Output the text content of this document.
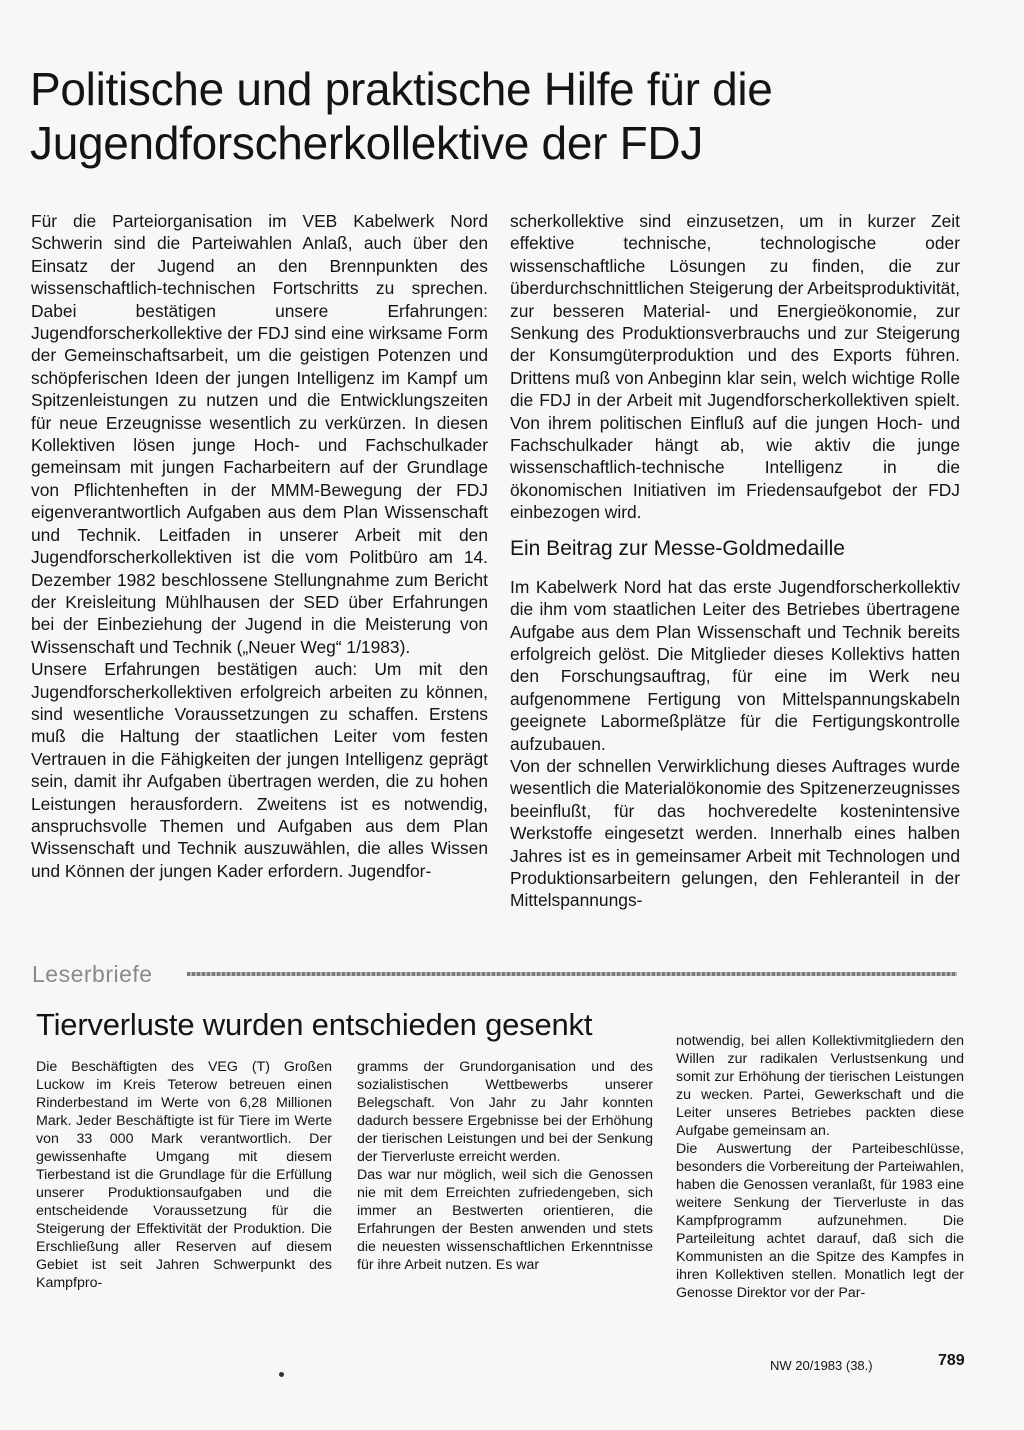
Politische und praktische Hilfe für die Jugendforscherkollektive der FDJ

Für die Parteiorganisation im VEB Kabelwerk Nord Schwerin sind die Parteiwahlen Anlaß, auch über den Einsatz der Jugend an den Brennpunkten des wissenschaftlich-technischen Fortschritts zu sprechen. Dabei bestätigen unsere Erfahrungen: Jugendforscherkollektive der FDJ sind eine wirksame Form der Gemeinschaftsarbeit, um die geistigen Potenzen und schöpferischen Ideen der jungen Intelligenz im Kampf um Spitzenleistungen zu nutzen und die Entwicklungszeiten für neue Erzeugnisse wesentlich zu verkürzen. In diesen Kollektiven lösen junge Hoch- und Fachschulkader gemeinsam mit jungen Facharbeitern auf der Grundlage von Pflichtenheften in der MMM-Bewegung der FDJ eigenverantwortlich Aufgaben aus dem Plan Wissenschaft und Technik. Leitfaden in unserer Arbeit mit den Jugendforscherkollektiven ist die vom Politbüro am 14. Dezember 1982 beschlossene Stellungnahme zum Bericht der Kreisleitung Mühlhausen der SED über Erfahrungen bei der Einbeziehung der Jugend in die Meisterung von Wissenschaft und Technik („Neuer Weg“ 1/1983).

Unsere Erfahrungen bestätigen auch: Um mit den Jugendforscherkollektiven erfolgreich arbeiten zu können, sind wesentliche Voraussetzungen zu schaffen. Erstens muß die Haltung der staatlichen Leiter vom festen Vertrauen in die Fähigkeiten der jungen Intelligenz geprägt sein, damit ihr Aufgaben übertragen werden, die zu hohen Leistungen herausfordern. Zweitens ist es notwendig, anspruchsvolle Themen und Aufgaben aus dem Plan Wissenschaft und Technik auszuwählen, die alles Wissen und Können der jungen Kader erfordern. Jugendfor-

scherkollektive sind einzusetzen, um in kurzer Zeit effektive technische, technologische oder wissenschaftliche Lösungen zu finden, die zur überdurchschnittlichen Steigerung der Arbeitsproduktivität, zur besseren Material- und Energieökonomie, zur Senkung des Produktionsverbrauchs und zur Steigerung der Konsumgüterproduktion und des Exports führen. Drittens muß von Anbeginn klar sein, welch wichtige Rolle die FDJ in der Arbeit mit Jugendforscherkollektiven spielt. Von ihrem politischen Einfluß auf die jungen Hoch- und Fachschulkader hängt ab, wie aktiv die junge wissenschaftlich-technische Intelligenz in die ökonomischen Initiativen im Friedensaufgebot der FDJ einbezogen wird.

Ein Beitrag zur Messe-Goldmedaille

Im Kabelwerk Nord hat das erste Jugendforscherkollektiv die ihm vom staatlichen Leiter des Betriebes übertragene Aufgabe aus dem Plan Wissenschaft und Technik bereits erfolgreich gelöst. Die Mitglieder dieses Kollektivs hatten den Forschungsauftrag, für eine im Werk neu aufgenommene Fertigung von Mittelspannungskabeln geeignete Labormeßplätze für die Fertigungskontrolle aufzubauen.

Von der schnellen Verwirklichung dieses Auftrages wurde wesentlich die Materialökonomie des Spitzenerzeugnisses beeinflußt, für das hochveredelte kostenintensive Werkstoffe eingesetzt werden. Innerhalb eines halben Jahres ist es in gemeinsamer Arbeit mit Technologen und Produktionsarbeitern gelungen, den Fehleranteil in der Mittelspannungs-

Leserbriefe
Tierverluste wurden entschieden gesenkt

Die Beschäftigten des VEG (T) Großen Luckow im Kreis Teterow betreuen einen Rinderbestand im Werte von 6,28 Millionen Mark. Jeder Beschäftigte ist für Tiere im Werte von 33 000 Mark verantwortlich. Der gewissenhafte Umgang mit diesem Tierbestand ist die Grundlage für die Erfüllung unserer Produktionsaufgaben und die entscheidende Voraussetzung für die Steigerung der Effektivität der Produktion. Die Erschließung aller Reserven auf diesem Gebiet ist seit Jahren Schwerpunkt des Kampfpro-

gramms der Grundorganisation und des sozialistischen Wettbewerbs unserer Belegschaft. Von Jahr zu Jahr konnten dadurch bessere Ergebnisse bei der Erhöhung der tierischen Leistungen und bei der Senkung der Tierverluste erreicht werden.

Das war nur möglich, weil sich die Genossen nie mit dem Erreichten zufriedengeben, sich immer an Bestwerten orientieren, die Erfahrungen der Besten anwenden und stets die neuesten wissenschaftlichen Erkenntnisse für ihre Arbeit nutzen. Es war

notwendig, bei allen Kollektivmitgliedern den Willen zur radikalen Verlustsenkung und somit zur Erhöhung der tierischen Leistungen zu wecken. Partei, Gewerkschaft und die Leiter unseres Betriebes packten diese Aufgabe gemeinsam an.

Die Auswertung der Parteibeschlüsse, besonders die Vorbereitung der Parteiwahlen, haben die Genossen veranlaßt, für 1983 eine weitere Senkung der Tierverluste in das Kampfprogramm aufzunehmen. Die Parteileitung achtet darauf, daß sich die Kommunisten an die Spitze des Kampfes in ihren Kollektiven stellen. Monatlich legt der Genosse Direktor vor der Par-

NW 20/1983 (38.)	789
